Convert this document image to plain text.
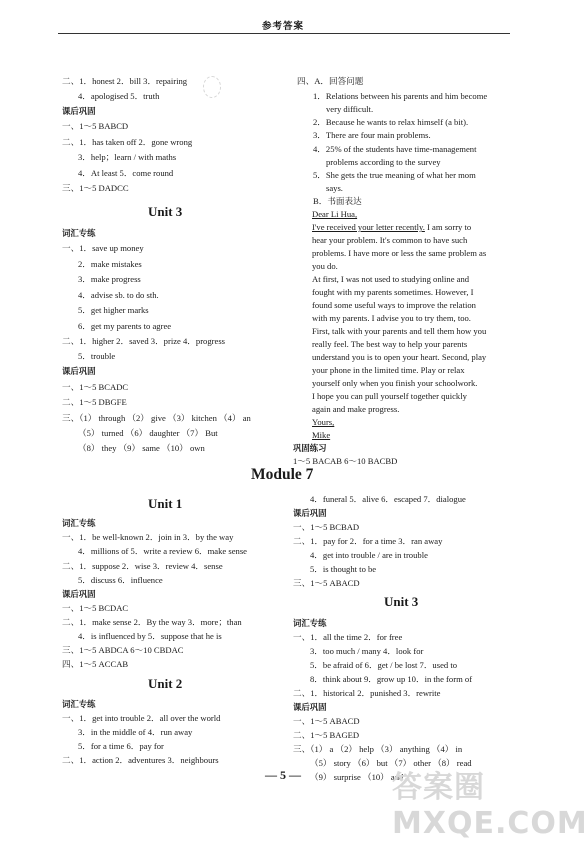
参考答案
二、1．honest 2．bill 3．repairing
4．apologised 5．truth
课后巩固
一、1～5 BABCD
二、1．has taken off 2．gone wrong
3．help；learn / with maths
4．At least 5．come round
三、1～5 DADCC
Unit 3
词汇专练
一、1．save up money
2．make mistakes
3．make progress
4．advise sb. to do sth.
5．get higher marks
6．get my parents to agree
二、1．higher 2．saved 3．prize 4．progress
5．trouble
课后巩固
一、1～5 BCADC
二、1～5 DBGFE
三、（1） through （2） give （3） kitchen （4） an
（5） turned （6） daughter （7） But
（8） they （9） same （10） own
四、A．回答问题
1．Relations between his parents and him become
very difficult.
2．Because he wants to relax himself (a bit).
3．There are four main problems.
4．25% of the students have time-management
problems according to the survey
5．She gets the true meaning of what her mom
says.
B．书面表达
Dear Li Hua,
I've received your letter recently. I am sorry to
hear your problem. It's common to have such
problems. I have more or less the same problem as
you do.
At first, I was not used to studying online and
fought with my parents sometimes. However, I
found some useful ways to improve the relation
with my parents. I advise you to try them, too.
First, talk with your parents and tell them how you
really feel. The best way to help your parents
understand you is to open your heart. Second, play
your phone in the limited time. Play or relax
yourself only when you finish your schoolwork.
I hope you can pull yourself together quickly
again and make progress.
Yours,
Mike
巩固练习
1～5 BACAB 6～10 BACBD
Module 7
Unit 1
词汇专练
一、1．be well-known 2．join in 3．by the way
4．millions of 5．write a review 6．make sense
二、1．suppose 2．wise 3．review 4．sense
5．discuss 6．influence
课后巩固
一、1～5 BCDAC
二、1．make sense 2．By the way 3．more；than
4．is influenced by 5．suppose that he is
三、1～5 ABDCA 6～10 CBDAC
四、1～5 ACCAB
Unit 2
词汇专练
一、1．get into trouble 2．all over the world
3．in the middle of 4．run away
5．for a time 6．pay for
二、1．action 2．adventures 3．neighbours
4．funeral 5．alive 6．escaped 7．dialogue
课后巩固
一、1～5 BCBAD
二、1．pay for 2．for a time 3．ran away
4．get into trouble / are in trouble
5．is thought to be
三、1～5 ABACD
Unit 3
词汇专练
一、1．all the time 2．for free
3．too much / many 4．look for
5．be afraid of 6．get / be lost 7．used to
8．think about 9．grow up 10．in the form of
二、1．historical 2．punished 3．rewrite
课后巩固
一、1～5 ABACD
二、1～5 BAGED
三、（1） a （2） help （3） anything （4） in
（5） story （6） but （7） other （8） read
（9） surprise （10） and
答案圈 MXQE.COM
— 5 —
